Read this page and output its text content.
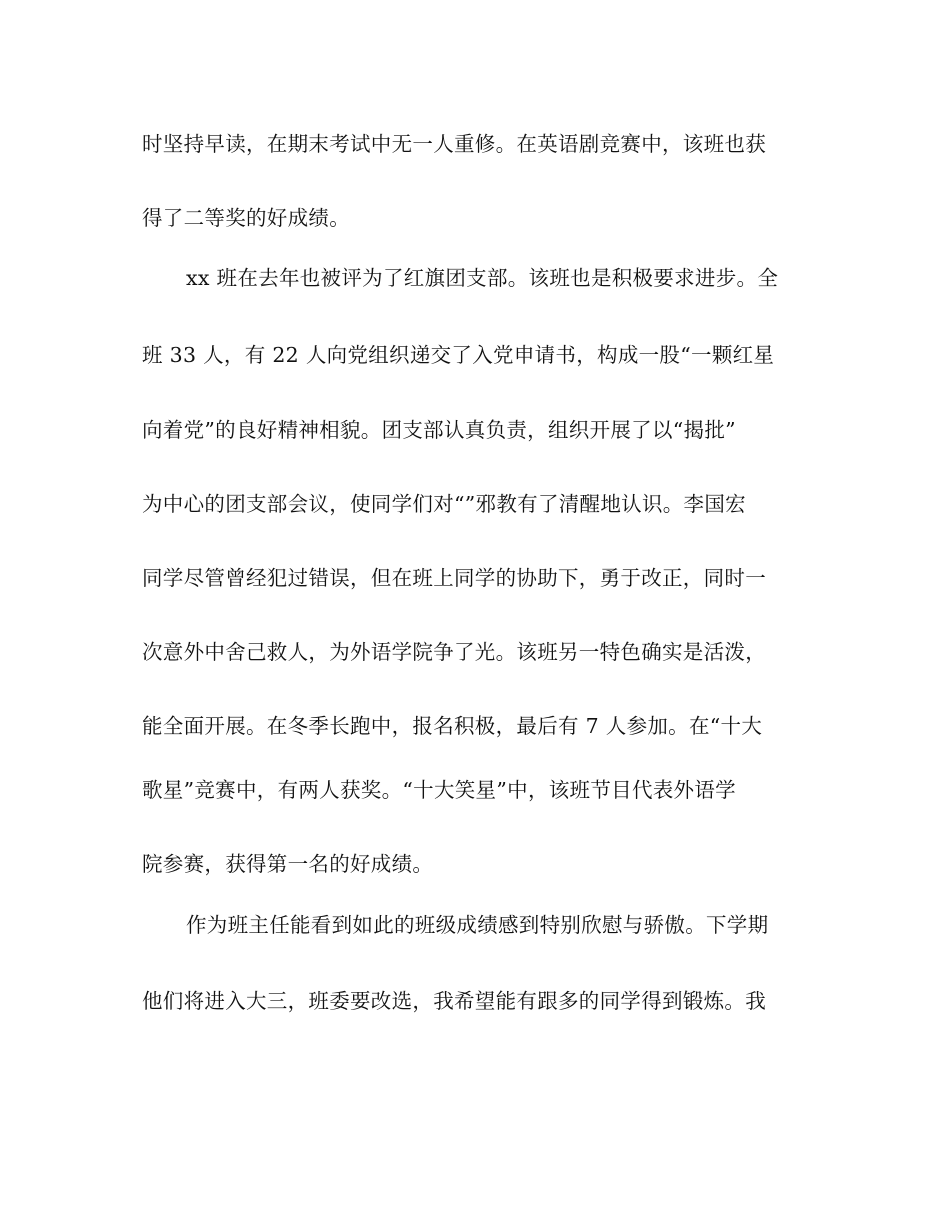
时坚持早读，在期末考试中无一人重修。在英语剧竞赛中，该班也获

得了二等奖的好成绩。

xx 班在去年也被评为了红旗团支部。该班也是积极要求进步。全

班 33 人，有 22 人向党组织递交了入党申请书，构成一股“一颗红星

向着党”的良好精神相貌。团支部认真负责，组织开展了以“揭批”

为中心的团支部会议，使同学们对“”邪教有了清醒地认识。李国宏

同学尽管曾经犯过错误，但在班上同学的协助下，勇于改正，同时一

次意外中舍己救人，为外语学院争了光。该班另一特色确实是活泼，

能全面开展。在冬季长跑中，报名积极，最后有 7 人参加。在“十大

歌星”竞赛中，有两人获奖。“十大笑星”中，该班节目代表外语学

院参赛，获得第一名的好成绩。

作为班主任能看到如此的班级成绩感到特别欣慰与骄傲。下学期

他们将进入大三，班委要改选，我希望能有跟多的同学得到锻炼。我
